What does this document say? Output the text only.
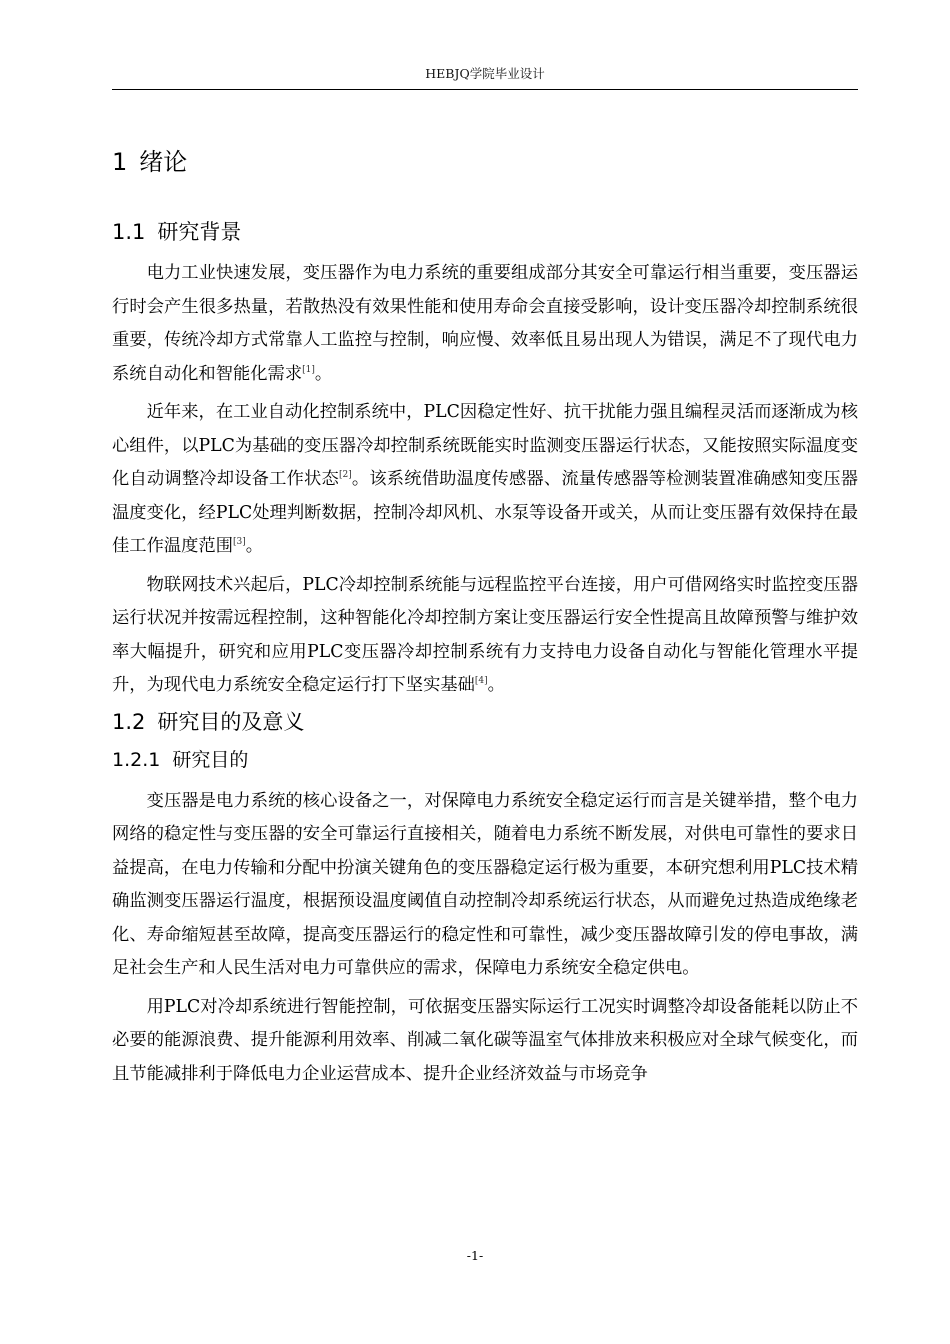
HEBJQ学院毕业设计
1 绪论
1.1 研究背景

电力工业快速发展，变压器作为电力系统的重要组成部分其安全可靠运行相当重要，变压器运行时会产生很多热量，若散热没有效果性能和使用寿命会直接受影响，设计变压器冷却控制系统很重要，传统冷却方式常靠人工监控与控制，响应慢、效率低且易出现人为错误，满足不了现代电力系统自动化和智能化需求[1]。

近年来，在工业自动化控制系统中，PLC因稳定性好、抗干扰能力强且编程灵活而逐渐成为核心组件，以PLC为基础的变压器冷却控制系统既能实时监测变压器运行状态，又能按照实际温度变化自动调整冷却设备工作状态[2]。该系统借助温度传感器、流量传感器等检测装置准确感知变压器温度变化，经PLC处理判断数据，控制冷却风机、水泵等设备开或关，从而让变压器有效保持在最佳工作温度范围[3]。

物联网技术兴起后，PLC冷却控制系统能与远程监控平台连接，用户可借网络实时监控变压器运行状况并按需远程控制，这种智能化冷却控制方案让变压器运行安全性提高且故障预警与维护效率大幅提升，研究和应用PLC变压器冷却控制系统有力支持电力设备自动化与智能化管理水平提升，为现代电力系统安全稳定运行打下坚实基础[4]。

1.2 研究目的及意义
1.2.1 研究目的

变压器是电力系统的核心设备之一，对保障电力系统安全稳定运行而言是关键举措，整个电力网络的稳定性与变压器的安全可靠运行直接相关，随着电力系统不断发展，对供电可靠性的要求日益提高，在电力传输和分配中扮演关键角色的变压器稳定运行极为重要，本研究想利用PLC技术精确监测变压器运行温度，根据预设温度阈值自动控制冷却系统运行状态，从而避免过热造成绝缘老化、寿命缩短甚至故障，提高变压器运行的稳定性和可靠性，减少变压器故障引发的停电事故，满足社会生产和人民生活对电力可靠供应的需求，保障电力系统安全稳定供电。

用PLC对冷却系统进行智能控制，可依据变压器实际运行工况实时调整冷却设备能耗以防止不必要的能源浪费、提升能源利用效率、削减二氧化碳等温室气体排放来积极应对全球气候变化，而且节能减排利于降低电力企业运营成本、提升企业经济效益与市场竞争

-1-
